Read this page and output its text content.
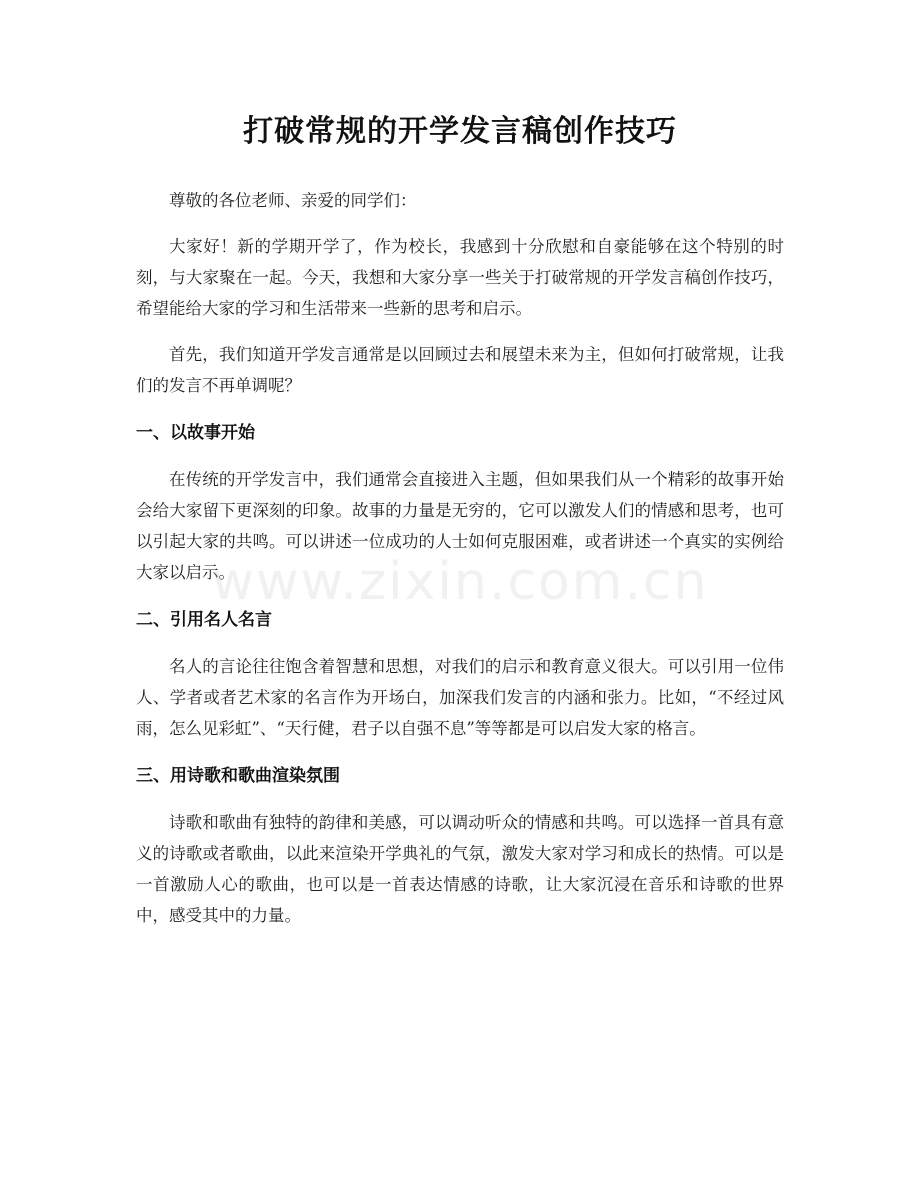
打破常规的开学发言稿创作技巧

尊敬的各位老师、亲爱的同学们：

大家好！新的学期开学了，作为校长，我感到十分欣慰和自豪能够在这个特别的时刻，与大家聚在一起。今天，我想和大家分享一些关于打破常规的开学发言稿创作技巧，希望能给大家的学习和生活带来一些新的思考和启示。

首先，我们知道开学发言通常是以回顾过去和展望未来为主，但如何打破常规，让我们的发言不再单调呢？

一、以故事开始

在传统的开学发言中，我们通常会直接进入主题，但如果我们从一个精彩的故事开始会给大家留下更深刻的印象。故事的力量是无穷的，它可以激发人们的情感和思考，也可以引起大家的共鸣。可以讲述一位成功的人士如何克服困难，或者讲述一个真实的实例给大家以启示。

二、引用名人名言

名人的言论往往饱含着智慧和思想，对我们的启示和教育意义很大。可以引用一位伟人、学者或者艺术家的名言作为开场白，加深我们发言的内涵和张力。比如，“不经过风雨，怎么见彩虹”、“天行健，君子以自强不息”等等都是可以启发大家的格言。

三、用诗歌和歌曲渲染氛围

诗歌和歌曲有独特的韵律和美感，可以调动听众的情感和共鸣。可以选择一首具有意义的诗歌或者歌曲，以此来渲染开学典礼的气氛，激发大家对学习和成长的热情。可以是一首激励人心的歌曲，也可以是一首表达情感的诗歌，让大家沉浸在音乐和诗歌的世界中，感受其中的力量。

www.zixin.com.cn
